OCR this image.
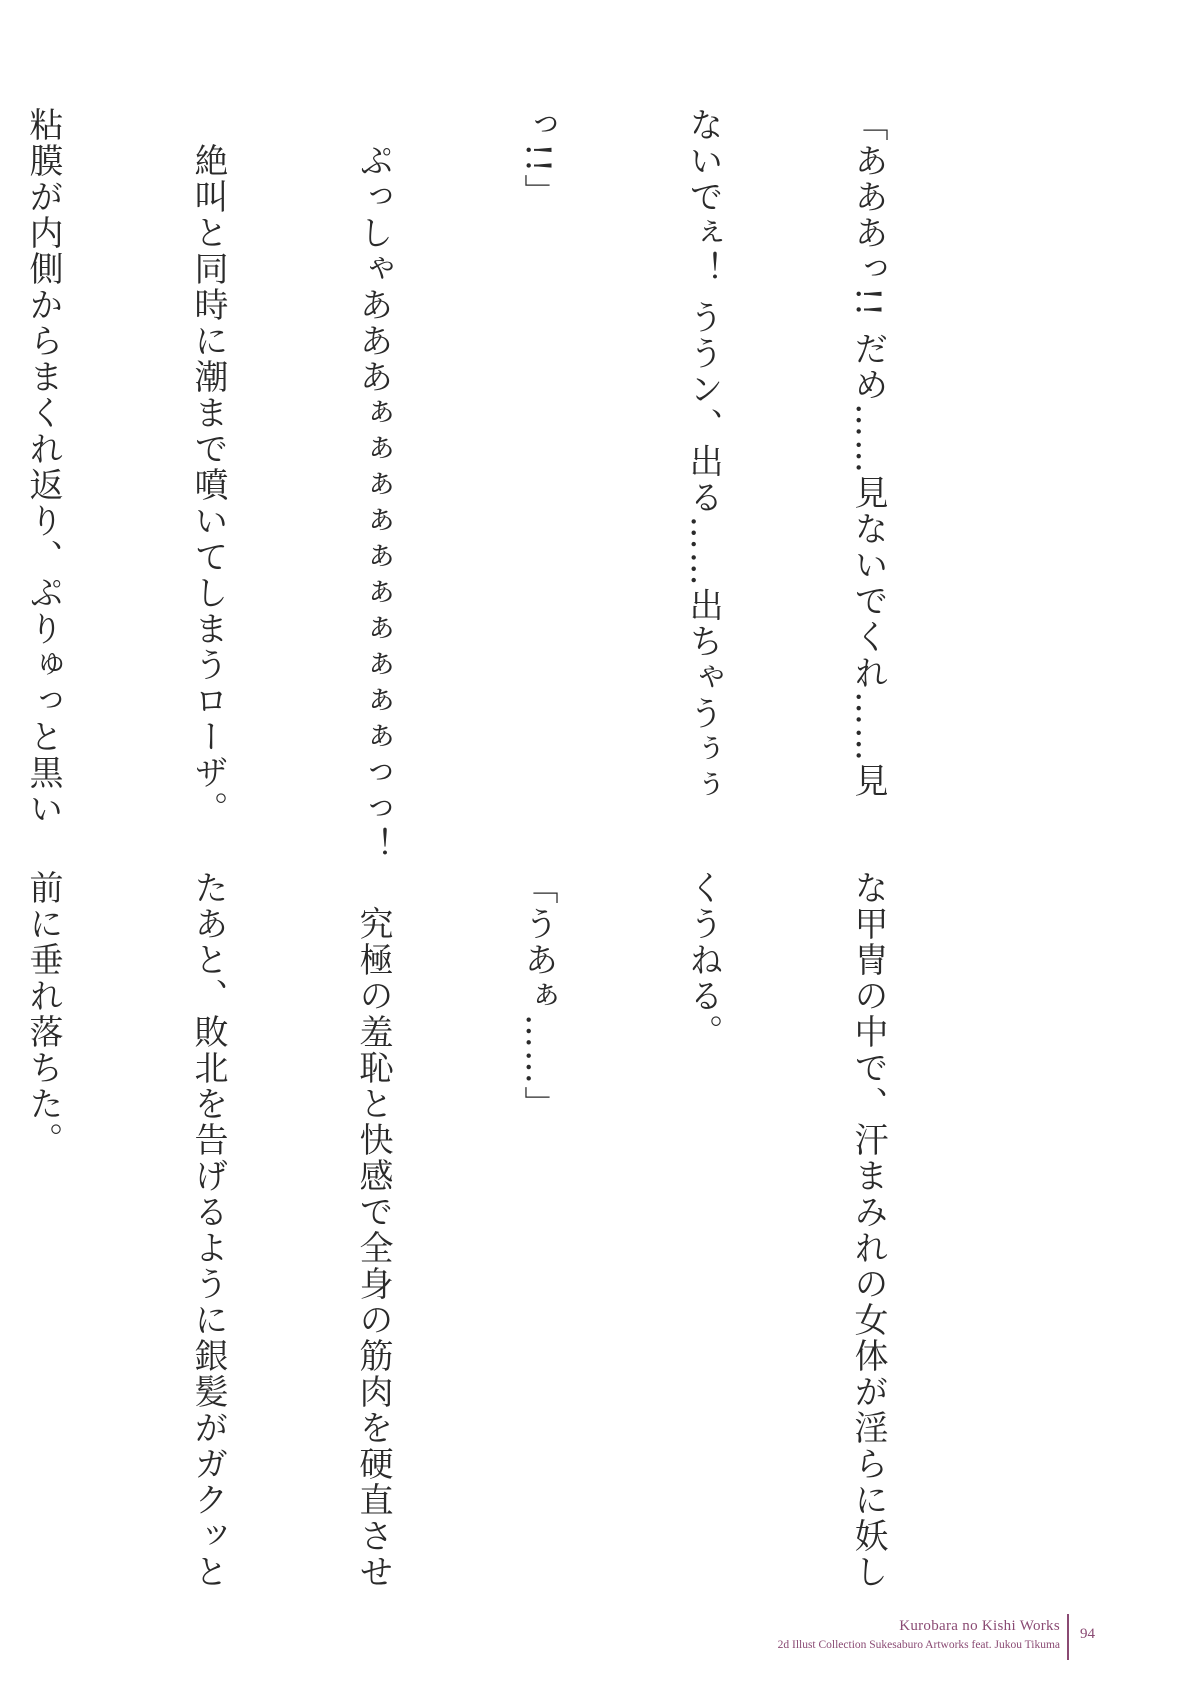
「あああっ!! だめ……見ないでくれ……見

ないでぇ！ ううン、出る……出ちゃうぅぅ

っ!!」

　ぷっしゃあああぁぁぁぁぁぁぁぁぁぁっっ！

　絶叫と同時に潮まで噴いてしまうローザ。

粘膜が内側からまくれ返り、ぷりゅっと黒い

な甲冑の中で、汗まみれの女体が淫らに妖し

くうねる。

「うあぁ……」

　究極の羞恥と快感で全身の筋肉を硬直させ

たあと、敗北を告げるように銀髪がガクッと

前に垂れ落ちた。

Kurobara no Kishi Works
2d Illust Collection Sukesaburo Artworks feat. Jukou Tikuma
94
